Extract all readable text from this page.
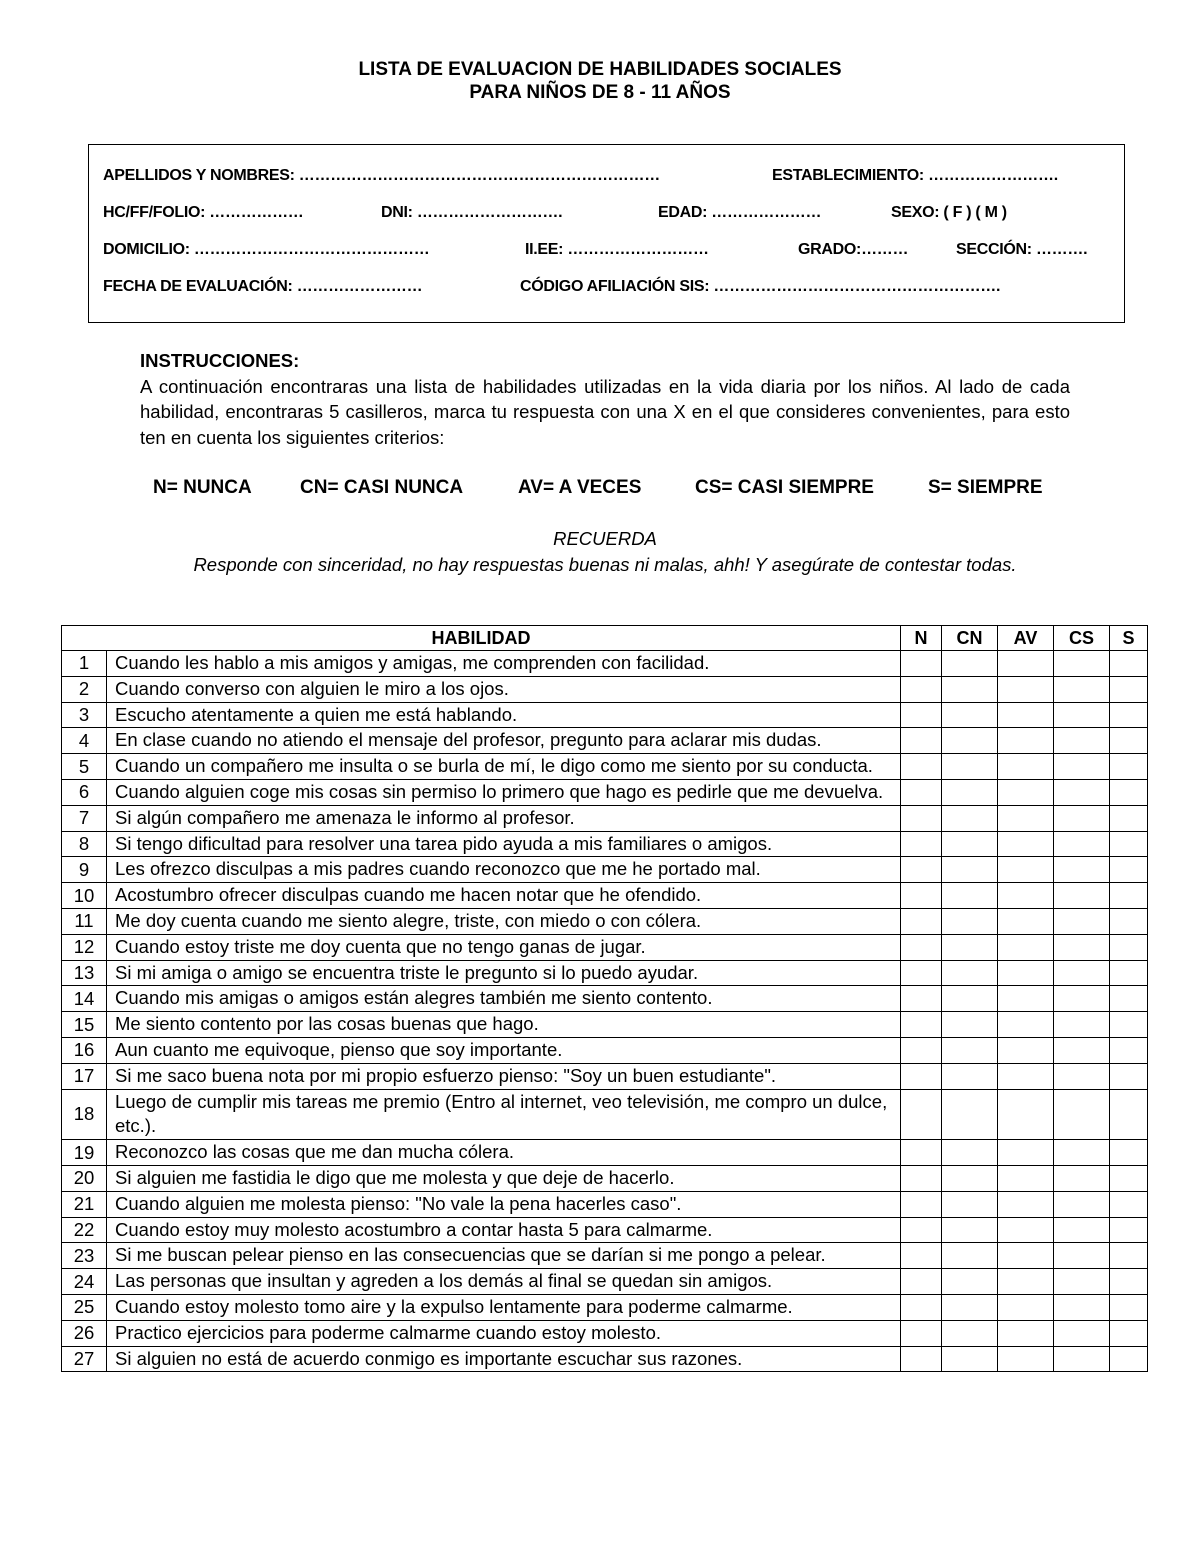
LISTA DE EVALUACION DE HABILIDADES SOCIALES
PARA NIÑOS DE 8 - 11 AÑOS
APELLIDOS Y NOMBRES: ……………………………………………………………	ESTABLECIMIENTO: …………………….
HC/FF/FOLIO: ………………	DNI: ……………………….	EDAD: …………………	SEXO: ( F ) ( M )
DOMICILIO: ………………………………………	II.EE: ………………………	GRADO:………	SECCIÓN: ……….
FECHA DE EVALUACIÓN: ……………………	CÓDIGO AFILIACIÓN SIS: ……………………………………………….
INSTRUCCIONES:
A continuación encontraras una lista de habilidades utilizadas en la vida diaria por los niños. Al lado de cada habilidad, encontraras 5 casilleros, marca tu respuesta con una X en el que consideres convenientes, para esto ten en cuenta los siguientes criterios:
N= NUNCA	CN= CASI NUNCA	AV= A VECES	CS= CASI SIEMPRE	S= SIEMPRE
RECUERDA
Responde con sinceridad, no hay respuestas buenas ni malas, ahh! Y asegúrate de contestar todas.
HABILIDAD		N	CN	AV	CS	S
1	Cuando les hablo a mis amigos y amigas, me comprenden con facilidad.					
2	Cuando converso con alguien le miro a los ojos.					
3	Escucho atentamente a quien me está hablando.					
4	En clase cuando no atiendo el mensaje del profesor, pregunto para aclarar mis dudas.					
5	Cuando un compañero me insulta o se burla de mí, le digo como me siento por su conducta.					
6	Cuando alguien coge mis cosas sin permiso lo primero que hago es pedirle que me devuelva.					
7	Si algún compañero me amenaza le informo al profesor.					
8	Si tengo dificultad para resolver una tarea pido ayuda a mis familiares o amigos.					
9	Les ofrezco disculpas a mis padres cuando reconozco que me he portado mal.					
10	Acostumbro ofrecer disculpas cuando me hacen notar que he ofendido.					
11	Me doy cuenta cuando me siento alegre, triste, con miedo o con cólera.					
12	Cuando estoy triste me doy cuenta que no tengo ganas de jugar.					
13	Si mi amiga o amigo se encuentra triste le pregunto si lo puedo ayudar.					
14	Cuando mis amigas o amigos están alegres también me siento contento.					
15	Me siento contento por las cosas buenas que hago.					
16	Aun cuanto me equivoque, pienso que soy importante.					
17	Si me saco buena nota por mi propio esfuerzo pienso: "Soy un buen estudiante".					
18	Luego de cumplir mis tareas me premio (Entro al internet, veo televisión, me compro un dulce, etc.).					
19	Reconozco las cosas que me dan mucha cólera.					
20	Si alguien me fastidia le digo que me molesta y que deje de hacerlo.					
21	Cuando alguien me molesta pienso: "No vale la pena hacerles caso".					
22	Cuando estoy muy molesto acostumbro a contar hasta 5 para calmarme.					
23	Si me buscan pelear pienso en las consecuencias que se darían si me pongo a pelear.					
24	Las personas que insultan y agreden a los demás al final se quedan sin amigos.					
25	Cuando estoy molesto tomo aire y la expulso lentamente para poderme calmarme.					
26	Practico ejercicios para poderme calmarme cuando estoy molesto.					
27	Si alguien no está de acuerdo conmigo es importante escuchar sus razones.					
